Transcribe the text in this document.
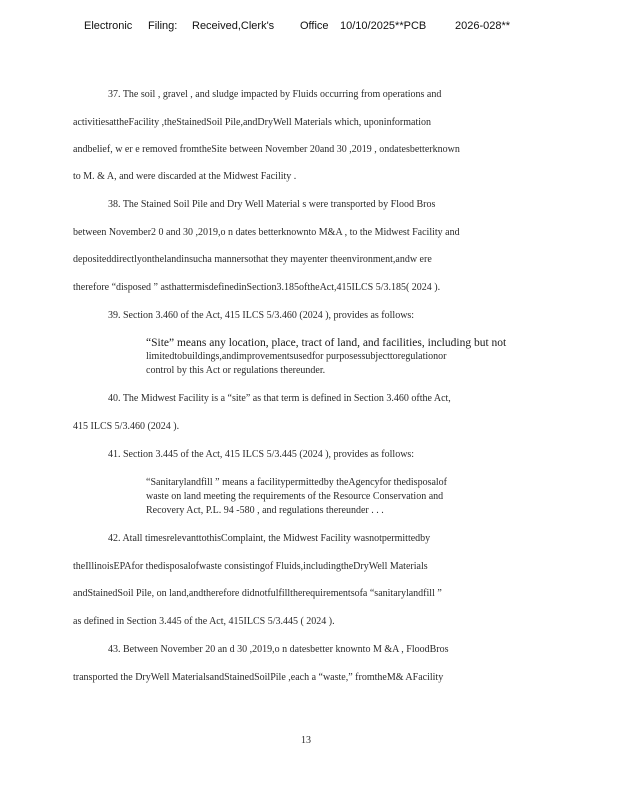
Electronic Filing: Received,Clerk's Office 10/10/2025**PCB	2026-028**
37. The soil , gravel , and sludge impacted by Fluids occurring from operations and
activitiesattheFacility ,theStainedSoil Pile,andDryWell Materials which, uponinformation
andbelief, w er e removed fromtheSite between November 20and 30 ,2019 , ondatesbetterknown
to M. & A, and were discarded at the Midwest Facility .
38. The Stained Soil Pile and Dry Well Material s were transported by Flood Bros
between November2 0 and 30 ,2019,o n dates betterknownto M&A , to the Midwest Facility and
depositeddirectlyonthelandinsucha mannersothat they mayenter theenvironment,andw ere
therefore “disposed ” asthattermisdefinedinSection3.185oftheAct,415ILCS 5/3.185( 2024 ).
39. Section 3.460 of the Act, 415 ILCS 5/3.460 (2024 ), provides as follows:
“Site” means any location, place, tract of land, and facilities, including but not
limitedtobuildings,andimprovementsusedfor purposessubjecttoregulationor
control by this Act or regulations thereunder.
40. The Midwest Facility is a “site” as that term is defined in Section 3.460 ofthe Act,
415 ILCS 5/3.460 (2024 ).
41. Section 3.445 of the Act, 415 ILCS 5/3.445 (2024 ), provides as follows:
“Sanitarylandfill ” means a facilitypermittedby theAgencyfor thedisposalof
waste on land meeting the requirements of the Resource Conservation and
Recovery Act, P.L. 94 -580 , and regulations thereunder . . .
42. Atall timesrelevanttothisComplaint, the Midwest Facility wasnotpermittedby
theIllinoisEPAfor thedisposalofwaste consistingof Fluids,includingtheDryWell Materials
andStainedSoil Pile, on land,andtherefore didnotfulfilltherequirementsofa “sanitarylandfill ”
as defined in Section 3.445 of the Act, 415ILCS 5/3.445 ( 2024 ).
43. Between November 20 an d 30 ,2019,o n datesbetter knownto M &A , FloodBros
transported the DryWell MaterialsandStainedSoilPile ,each a “waste,” fromtheM& AFacility
13
